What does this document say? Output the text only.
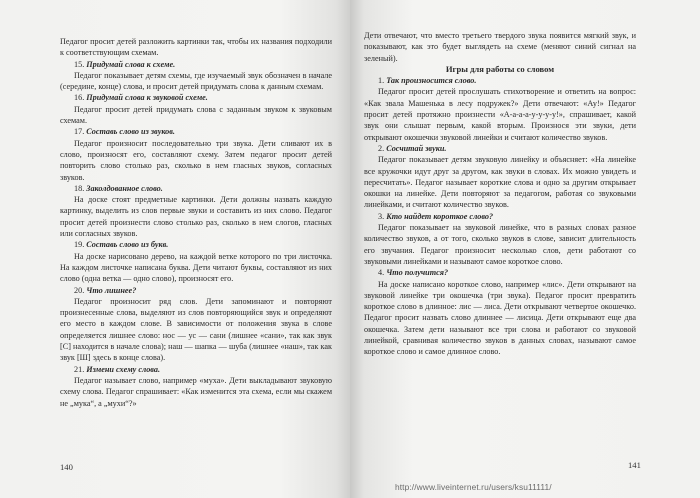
Педагог просит детей разложить картинки так, чтобы их названия подходили к соответствующим схемам.

15. Придумай слова к схеме.

Педагог показывает детям схемы, где изучаемый звук обозначен в начале (середине, конце) слова, и просит детей придумать слова к данным схемам.

16. Придумай слова к звуковой схеме.

Педагог просит детей придумать слова с заданным звуком к звуковым схемам.

17. Составь слово из звуков.

Педагог произносит последовательно три звука. Дети сливают их в слово, произносят его, составляют схему. Затем педагог просит детей повторить слово столько раз, сколько в нем гласных звуков, согласных звуков.

18. Заколдованное слово.

На доске стоят предметные картинки. Дети должны назвать каждую картинку, выделить из слов первые звуки и составить из них слово. Педагог просит детей произнести слово столько раз, сколько в нем слогов, гласных или согласных звуков.

19. Составь слово из букв.

На доске нарисовано дерево, на каждой ветке которого по три листочка. На каждом листочке написана буква. Дети читают буквы, составляют из них слово (одна ветка — одно слово), произносят его.

20. Что лишнее?

Педагог произносит ряд слов. Дети запоминают и повторяют произнесенные слова, выделяют из слов повторяющийся звук и определяют его место в каждом слове. В зависимости от положения звука в слове определяется лишнее слово: нос — ус — сани (лишнее «сани», так как звук [С] находится в начале слова); наш — шапка — шуба (лишнее «наш», так как звук [Ш] здесь в конце слова).

21. Измени схему слова.

Педагог называет слово, например «муха». Дети выкладывают звуковую схему слова. Педагог спрашивает: «Как изменится эта схема, если мы скажем не „мука“, а „мухи“?»

140

Дети отвечают, что вместо третьего твердого звука появится мягкий звук, и показывают, как это будет выглядеть на схеме (меняют синий сигнал на зеленый).

Игры для работы со словом

1. Так произносится слово.

Педагог просит детей прослушать стихотворение и ответить на вопрос: «Как звала Машенька в лесу подружек?» Дети отвечают: «Ау!» Педагог просит детей протяжно произнести «А-а-а-а-у-у-у-у!», спрашивает, какой звук они слышат первым, какой вторым. Произнося эти звуки, дети открывают окошечки звуковой линейки и считают количество звуков.

2. Сосчитай звуки.

Педагог показывает детям звуковую линейку и объясняет: «На линейке все кружочки идут друг за другом, как звуки в словах. Их можно увидеть и пересчитать». Педагог называет короткие слова и одно за другим открывает окошки на линейке. Дети повторяют за педагогом, работая со звуковыми линейками, и считают количество звуков.

3. Кто найдет короткое слово?

Педагог показывает на звуковой линейке, что в разных словах разное количество звуков, а от того, сколько звуков в слове, зависит длительность его звучания. Педагог произносит несколько слов, дети работают со звуковыми линейками и называют самое короткое слово.

4. Что получится?

На доске написано короткое слово, например «лис». Дети открывают на звуковой линейке три окошечка (три звука). Педагог просит превратить короткое слово в длинное: лис — лиса. Дети открывают четвертое окошечко. Педагог просит назвать слово длиннее — лисица. Дети открывают еще два окошечка. Затем дети называют все три слова и работают со звуковой линейкой, сравнивая количество звуков в данных словах, называют самое короткое слово и самое длинное слово.

141
http://www.liveinternet.ru/users/ksu11111/
